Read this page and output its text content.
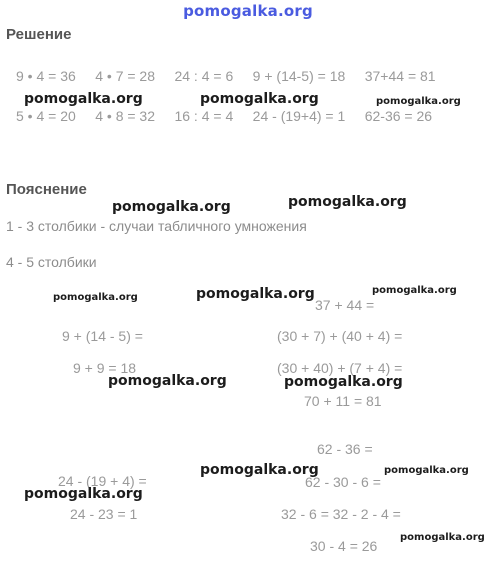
pomogalka.org
Решение
9 • 4 = 36     4 • 7 = 28     24 : 4 = 6     9 + (14-5) = 18     37+44 = 81
5 • 4 = 20     4 • 8 = 32     16 : 4 = 4     24 - (19+4) = 1     62-36 = 26
Пояснение
1 - 3 столбики - случаи табличного умножения
4 - 5 столбики
9 + (14 - 5) =
9 + 9 = 18
24 - (19 + 4) =
24 - 23 = 1
37 + 44 =
(30 + 7) + (40 + 4) =
(30 + 40) + (7 + 4) =
70 + 11 = 81
62 - 36 =
62 - 30 - 6 =
32 - 6 = 32 - 2 - 4 =
30 - 4 = 26
pomogalka.org	pomogalka.org	pomogalka.org
pomogalka.org	pomogalka.org
pomogalka.org	pomogalka.org	pomogalka.org
pomogalka.org	pomogalka.org
pomogalka.org	pomogalka.org
pomogalka.org
pomogalka.org
